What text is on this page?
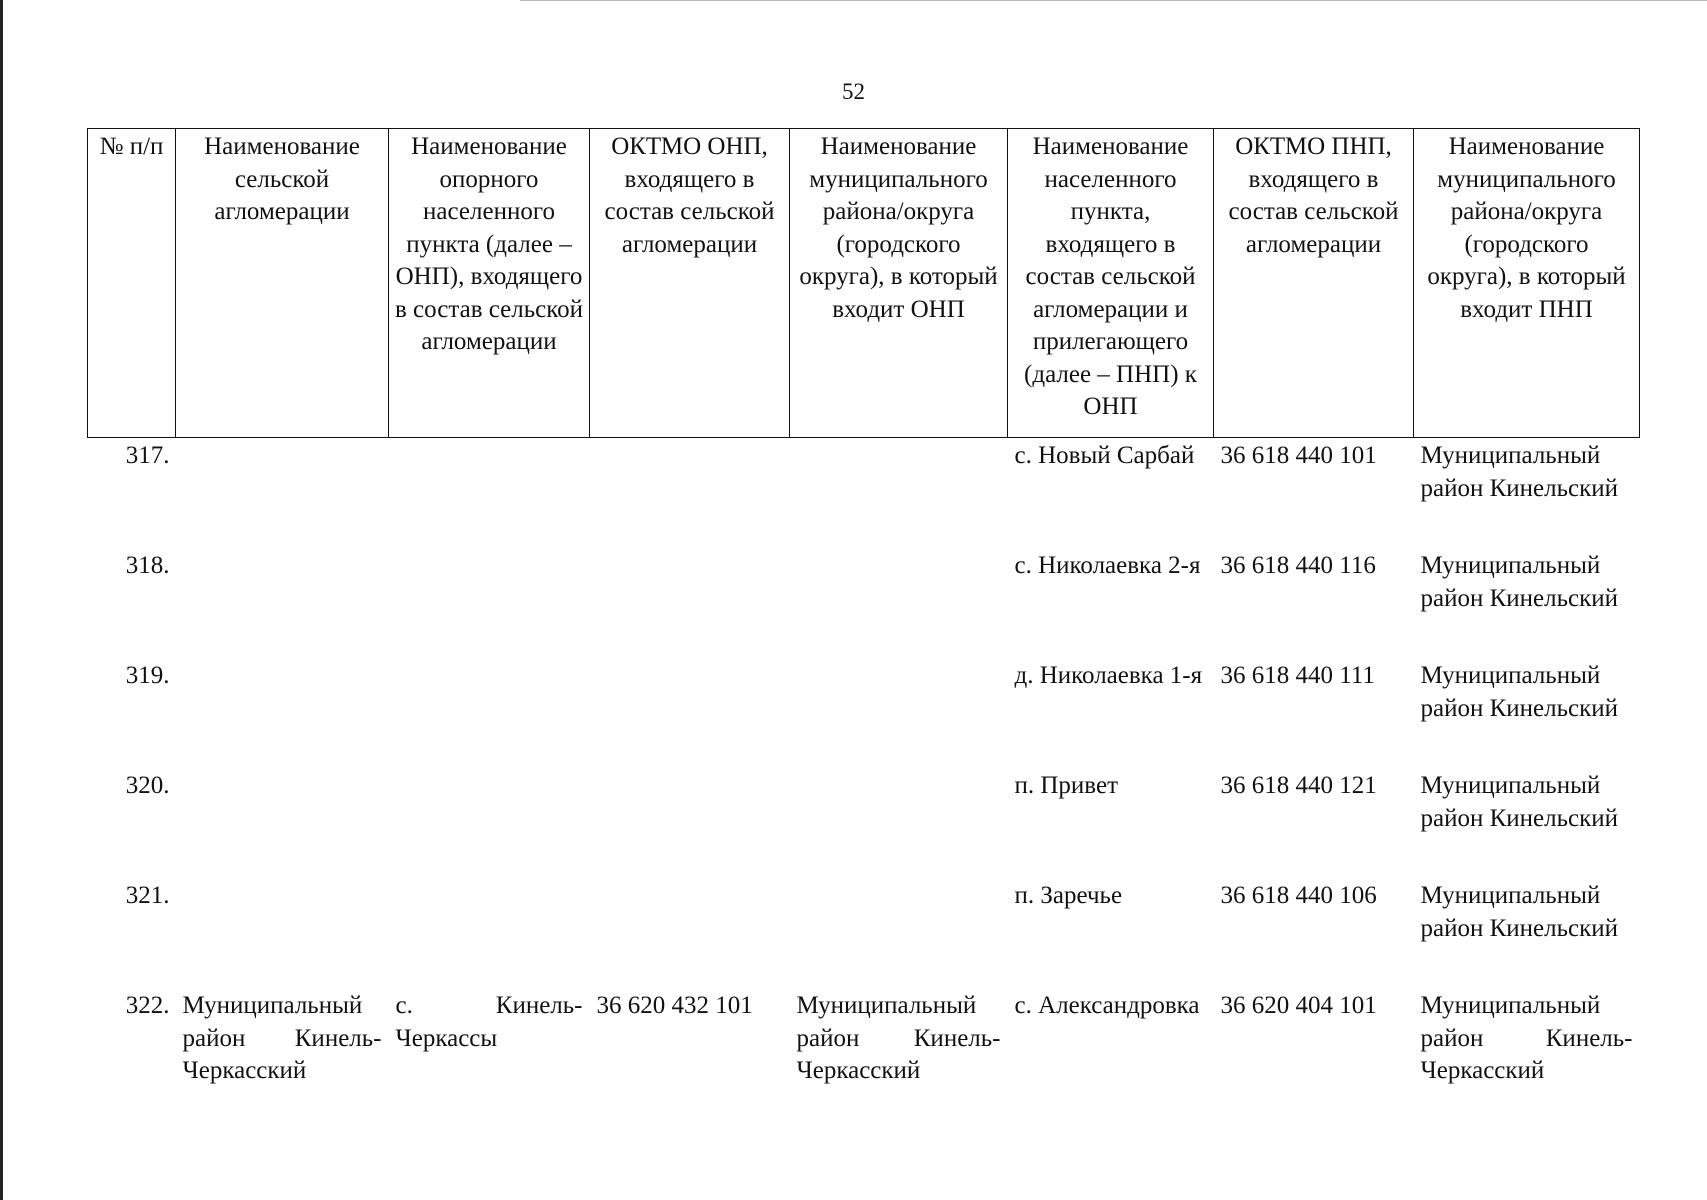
52
№ п/п	Наименование сельской агломерации	Наименование опорного населенного пункта (далее – ОНП), входящего в состав сельской агломерации	ОКТМО ОНП, входящего в состав сельской агломерации	Наименование муниципального района/округа (городского округа), в который входит ОНП	Наименование населенного пункта, входящего в состав сельской агломерации и прилегающего (далее – ПНП) к ОНП	ОКТМО ПНП, входящего в состав сельской агломерации	Наименование муниципального района/округа (городского округа), в который входит ПНП
317.					с. Новый Сарбай	36 618 440 101	Муниципальный район Кинельский
318.					с. Николаевка 2-я	36 618 440 116	Муниципальный район Кинельский
319.					д. Николаевка 1-я	36 618 440 111	Муниципальный район Кинельский
320.					п. Привет	36 618 440 121	Муниципальный район Кинельский
321.					п. Заречье	36 618 440 106	Муниципальный район Кинельский
322.	Муниципальный район Кинель-Черкасский	с. Кинель-Черкассы	36 620 432 101	Муниципальный район Кинель-Черкасский	с. Александровка	36 620 404 101	Муниципальный район Кинель-Черкасский
